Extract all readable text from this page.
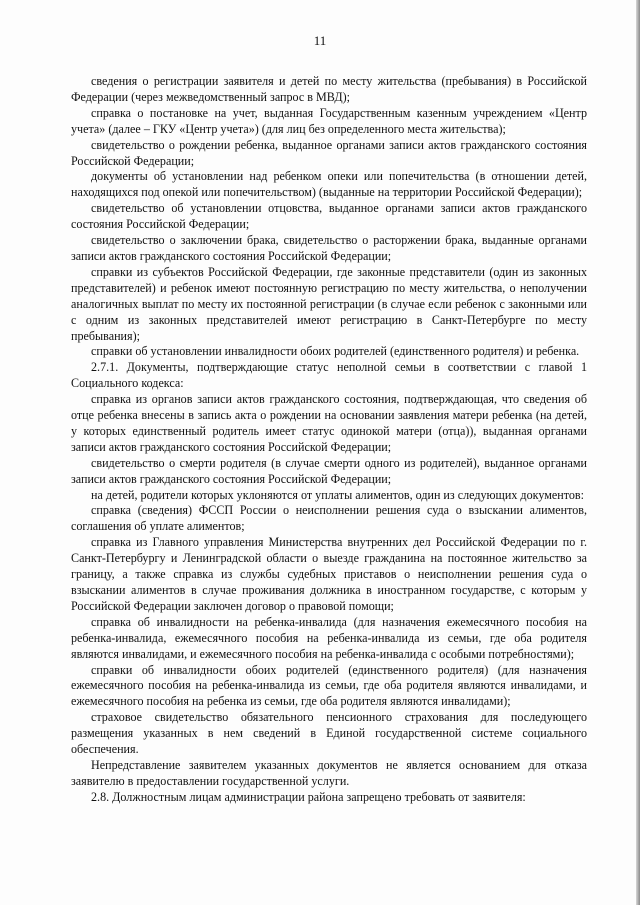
11

сведения о регистрации заявителя и детей по месту жительства (пребывания) в Российской Федерации (через межведомственный запрос в МВД);

справка о постановке на учет, выданная Государственным казенным учреждением «Центр учета» (далее – ГКУ «Центр учета») (для лиц без определенного места жительства);

свидетельство о рождении ребенка, выданное органами записи актов гражданского состояния Российской Федерации;

документы об установлении над ребенком опеки или попечительства (в отношении детей, находящихся под опекой или попечительством) (выданные на территории Российской Федерации);

свидетельство об установлении отцовства, выданное органами записи актов гражданского состояния Российской Федерации;

свидетельство о заключении брака, свидетельство о расторжении брака, выданные органами записи актов гражданского состояния Российской Федерации;

справки из субъектов Российской Федерации, где законные представители (один из законных представителей) и ребенок имеют постоянную регистрацию по месту жительства, о неполучении аналогичных выплат по месту их постоянной регистрации (в случае если ребенок с законными или с одним из законных представителей имеют регистрацию в Санкт-Петербурге по месту пребывания);

справки об установлении инвалидности обоих родителей (единственного родителя) и ребенка.

2.7.1. Документы, подтверждающие статус неполной семьи в соответствии с главой 1 Социального кодекса:

справка из органов записи актов гражданского состояния, подтверждающая, что сведения об отце ребенка внесены в запись акта о рождении на основании заявления матери ребенка (на детей, у которых единственный родитель имеет статус одинокой матери (отца)), выданная органами записи актов гражданского состояния Российской Федерации;

свидетельство о смерти родителя (в случае смерти одного из родителей), выданное органами записи актов гражданского состояния Российской Федерации;

на детей, родители которых уклоняются от уплаты алиментов, один из следующих документов:

справка (сведения) ФССП России о неисполнении решения суда о взыскании алиментов, соглашения об уплате алиментов;

справка из Главного управления Министерства внутренних дел Российской Федерации по г. Санкт-Петербургу и Ленинградской области о выезде гражданина на постоянное жительство за границу, а также справка из службы судебных приставов о неисполнении решения суда о взыскании алиментов в случае проживания должника в иностранном государстве, с которым у Российской Федерации заключен договор о правовой помощи;

справка об инвалидности на ребенка-инвалида (для назначения ежемесячного пособия на ребенка-инвалида, ежемесячного пособия на ребенка-инвалида из семьи, где оба родителя являются инвалидами, и ежемесячного пособия на ребенка-инвалида с особыми потребностями);

справки об инвалидности обоих родителей (единственного родителя) (для назначения ежемесячного пособия на ребенка-инвалида из семьи, где оба родителя являются инвалидами, и ежемесячного пособия на ребенка из семьи, где оба родителя являются инвалидами);

страховое свидетельство обязательного пенсионного страхования для последующего размещения указанных в нем сведений в Единой государственной системе социального обеспечения.

Непредставление заявителем указанных документов не является основанием для отказа заявителю в предоставлении государственной услуги.

2.8. Должностным лицам администрации района запрещено требовать от заявителя:
